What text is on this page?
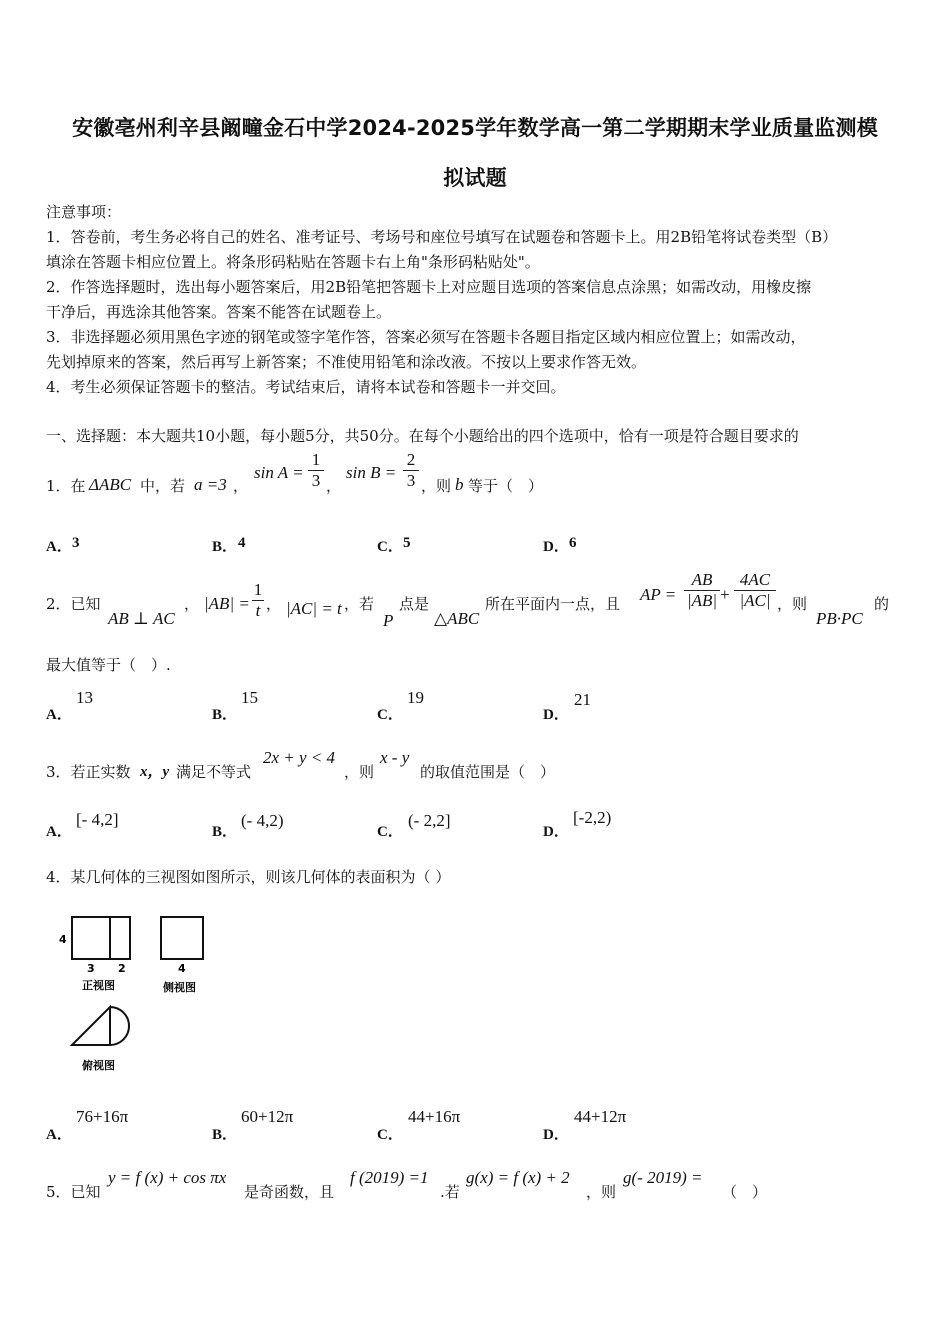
安徽亳州利辛县阚疃金石中学2024-2025学年数学高一第二学期期末学业质量监测模
拟试题
注意事项：
1．答卷前，考生务必将自己的姓名、准考证号、考场号和座位号填写在试题卷和答题卡上。用2B铅笔将试卷类型（B）
填涂在答题卡相应位置上。将条形码粘贴在答题卡右上角"条形码粘贴处"。
2．作答选择题时，选出每小题答案后，用2B铅笔把答题卡上对应题目选项的答案信息点涂黑；如需改动，用橡皮擦
干净后，再选涂其他答案。答案不能答在试题卷上。
3．非选择题必须用黑色字迹的钢笔或签字笔作答，答案必须写在答题卡各题目指定区域内相应位置上；如需改动，
先划掉原来的答案，然后再写上新答案；不准使用铅笔和涂改液。不按以上要求作答无效。
4．考生必须保证答题卡的整洁。考试结束后，请将本试卷和答题卡一并交回。
一、选择题：本大题共10小题，每小题5分，共50分。在每个小题给出的四个选项中，恰有一项是符合题目要求的
1．在 ΔABC 中，若 a =3 ，
sin A =
1
3 ，
sin B =
2
3 ，则 b 等于（　）
A． 3	B． 4	C． 5	D． 6
2．已知
AB ⊥ AC
， |AB| =
1
t ， |AC| = t ，若
P
点是
△ABC
所在平面内一点，且 AP =
AB
|AB| +
4AC
|AC| ，则
PB·PC
的
最大值等于（　）.
A．
13
B．
15
C．
19
D．
21
3．若正实数 x，y 满足不等式
2x + y < 4
，则
x - y
的取值范围是（　）
A．
[- 4,2]
B．
(- 4,2)
C．
(- 2,2]
D．
[-2,2)
4．某几何体的三视图如图所示，则该几何体的表面积为（ ）
4
3 2
正视图
4
侧视图
俯视图
A．
76+16π
B．
60+12π
C．
44+16π
D．
44+12π
5．已知
y = f (x) + cos πx
是奇函数，且
f (2019) =1
.若
g(x) = f (x) + 2
，则
g(- 2019) =
（　）
